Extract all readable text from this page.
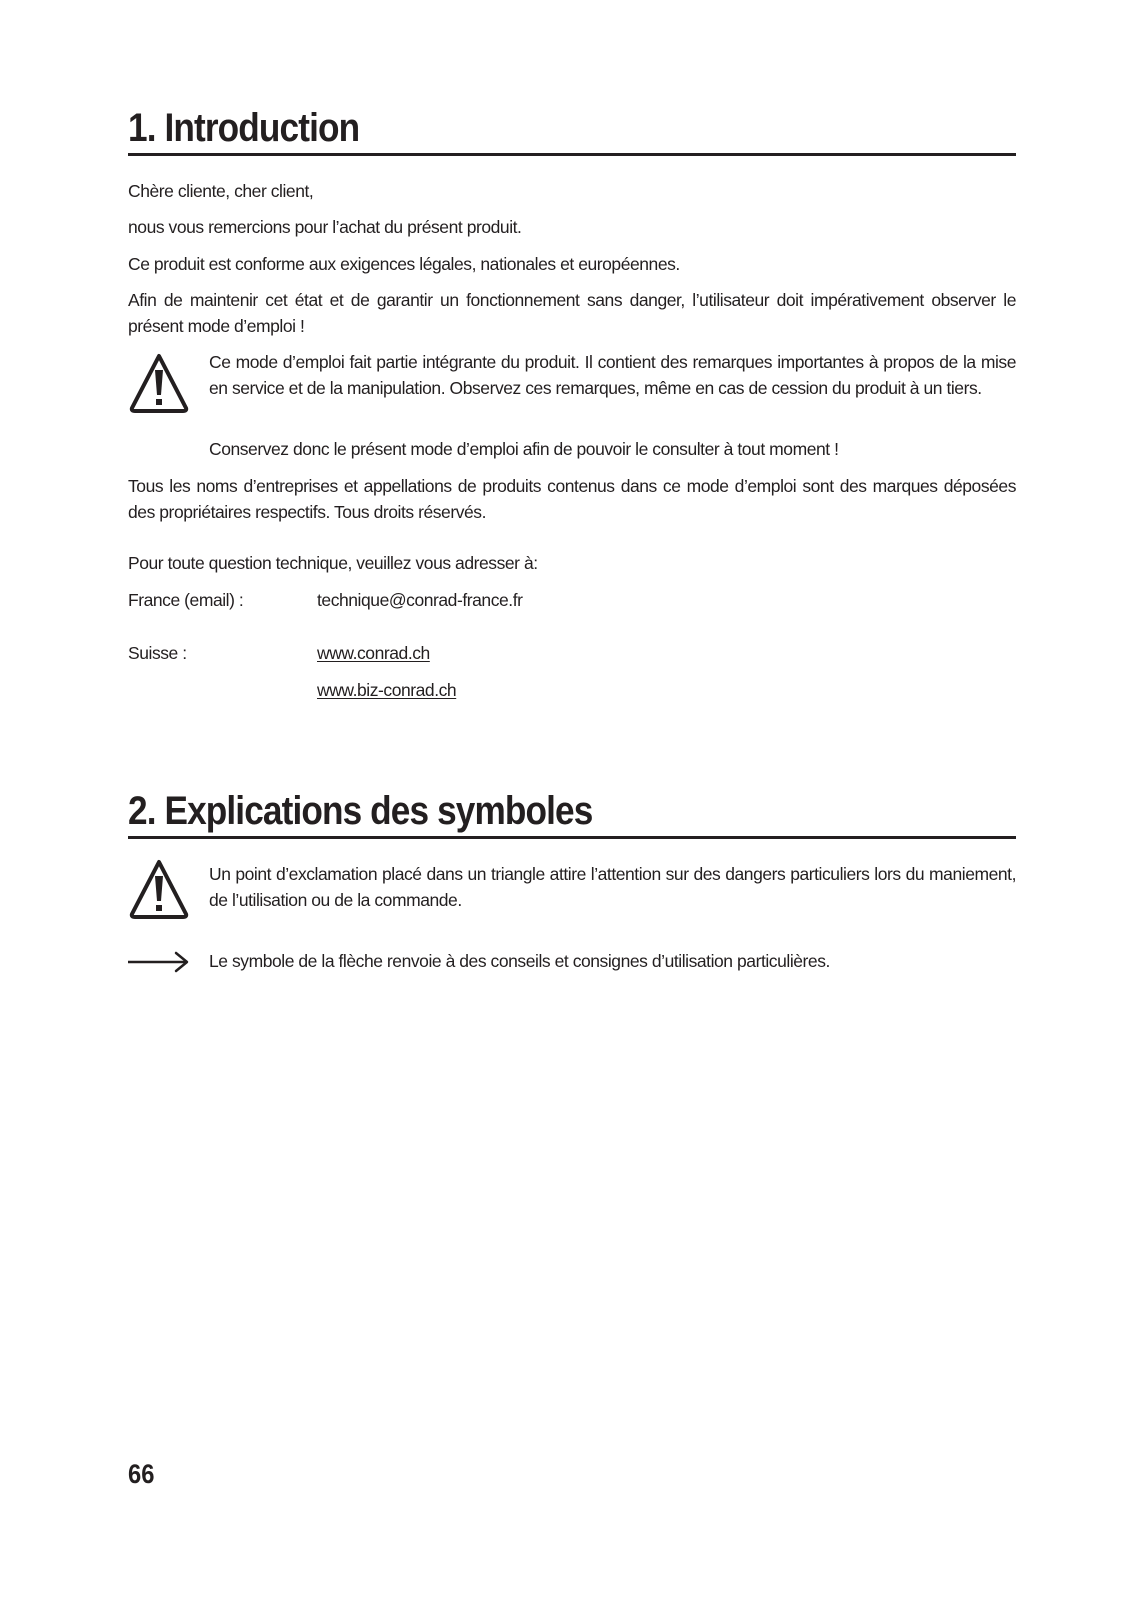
1. Introduction

Chère cliente, cher client,

nous vous remercions pour l’achat du présent produit.

Ce produit est conforme aux exigences légales, nationales et européennes.

Afin de maintenir cet état et de garantir un fonctionnement sans danger, l’utilisateur doit impérativement observer le présent mode d’emploi !

Ce mode d’emploi fait partie intégrante du produit. Il contient des remarques importantes à propos de la mise en service et de la manipulation. Observez ces remarques, même en cas de cession du produit à un tiers.

Conservez donc le présent mode d’emploi afin de pouvoir le consulter à tout moment !

Tous les noms d’entreprises et appellations de produits contenus dans ce mode d’emploi sont des marques déposées des propriétaires respectifs. Tous droits réservés.

Pour toute question technique, veuillez vous adresser à:

France (email) :	technique@conrad-france.fr
Suisse :	www.conrad.ch
www.biz-conrad.ch
2. Explications des symboles

Un point d’exclamation placé dans un triangle attire l’attention sur des dangers particuliers lors du maniement, de l’utilisation ou de la commande.

Le symbole de la flèche renvoie à des conseils et consignes d’utilisation particulières.

66
